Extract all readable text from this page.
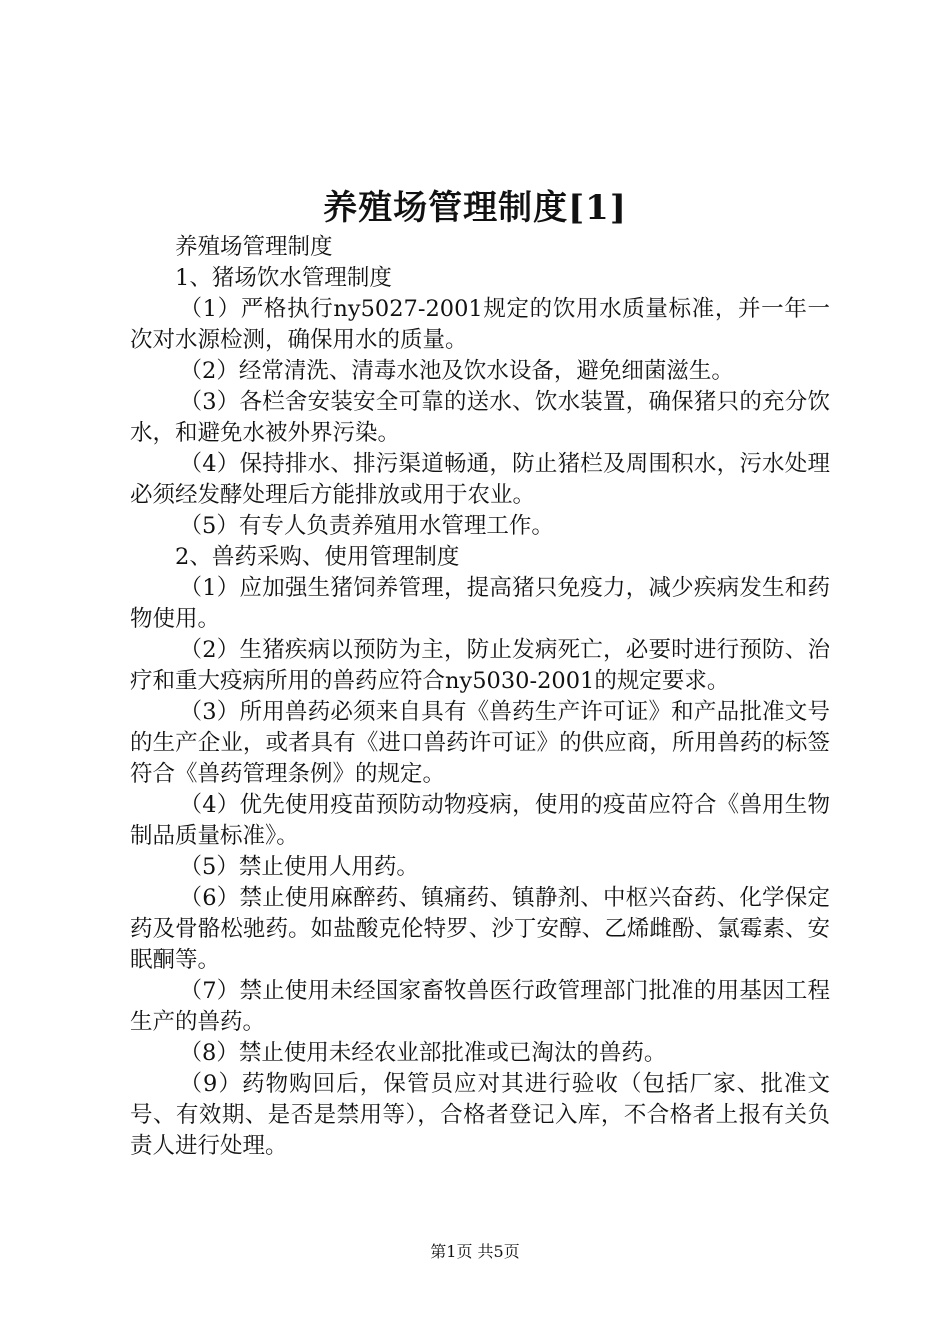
养殖场管理制度[1]

养殖场管理制度

1、猪场饮水管理制度

（1）严格执行ny5027-2001规定的饮用水质量标准，并一年一次对水源检测，确保用水的质量。

（2）经常清洗、清毒水池及饮水设备，避免细菌滋生。

（3）各栏舍安装安全可靠的送水、饮水装置，确保猪只的充分饮水，和避免水被外界污染。

（4）保持排水、排污渠道畅通，防止猪栏及周围积水，污水处理必须经发酵处理后方能排放或用于农业。

（5）有专人负责养殖用水管理工作。

2、兽药采购、使用管理制度

（1）应加强生猪饲养管理，提高猪只免疫力，减少疾病发生和药物使用。

（2）生猪疾病以预防为主，防止发病死亡，必要时进行预防、治疗和重大疫病所用的兽药应符合ny5030-2001的规定要求。

（3）所用兽药必须来自具有《兽药生产许可证》和产品批准文号的生产企业，或者具有《进口兽药许可证》的供应商，所用兽药的标签符合《兽药管理条例》的规定。

（4）优先使用疫苗预防动物疫病，使用的疫苗应符合《兽用生物制品质量标准》。

（5）禁止使用人用药。

（6）禁止使用麻醉药、镇痛药、镇静剂、中枢兴奋药、化学保定药及骨骼松驰药。如盐酸克伦特罗、沙丁安醇、乙烯雌酚、氯霉素、安眠酮等。

（7）禁止使用未经国家畜牧兽医行政管理部门批准的用基因工程生产的兽药。

（8）禁止使用未经农业部批准或已淘汰的兽药。

（9）药物购回后，保管员应对其进行验收（包括厂家、批准文号、有效期、是否是禁用等），合格者登记入库，不合格者上报有关负责人进行处理。

第1页 共5页
